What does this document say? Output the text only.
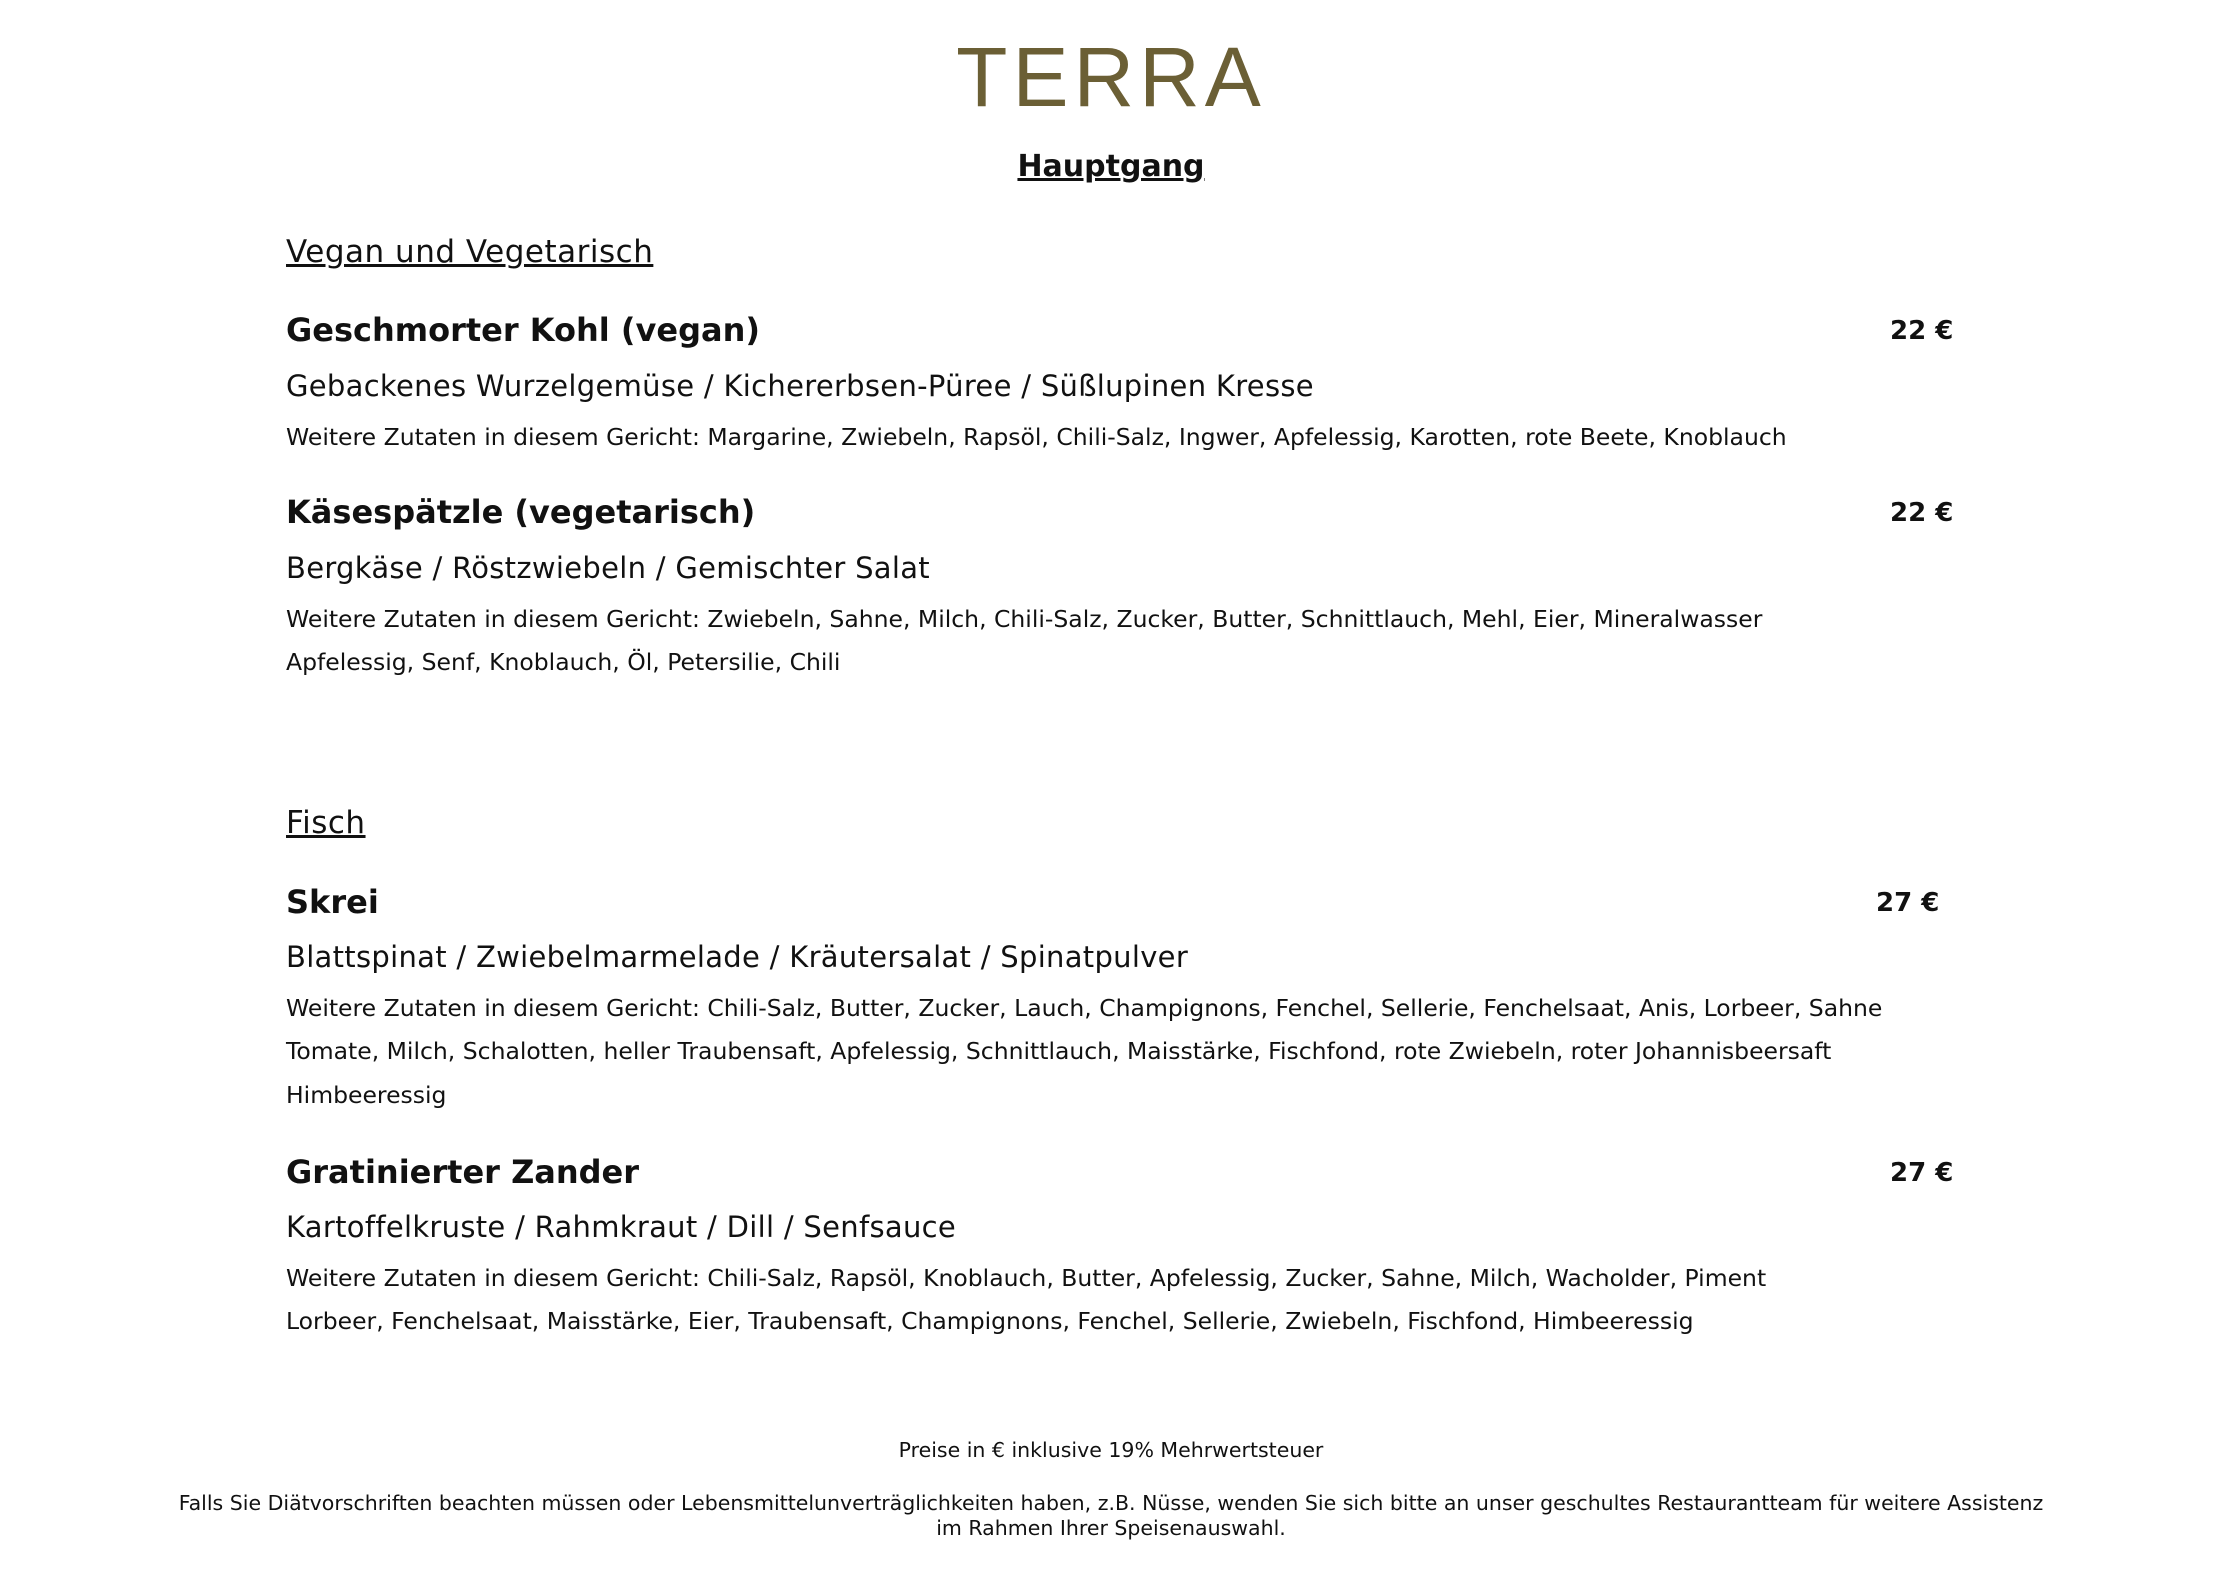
TERRA
Hauptgang
Vegan und Vegetarisch
Geschmorter Kohl (vegan)	22 €
Gebackenes Wurzelgemüse / Kichererbsen-Püree / Süßlupinen Kresse
Weitere Zutaten in diesem Gericht: Margarine, Zwiebeln, Rapsöl, Chili-Salz, Ingwer, Apfelessig, Karotten, rote Beete, Knoblauch
Käsespätzle (vegetarisch)	22 €
Bergkäse / Röstzwiebeln / Gemischter Salat
Weitere Zutaten in diesem Gericht: Zwiebeln, Sahne, Milch, Chili-Salz, Zucker, Butter, Schnittlauch, Mehl, Eier, Mineralwasser
Apfelessig, Senf, Knoblauch, Öl, Petersilie, Chili
Fisch
Skrei	27 €
Blattspinat / Zwiebelmarmelade / Kräutersalat / Spinatpulver
Weitere Zutaten in diesem Gericht: Chili-Salz, Butter, Zucker, Lauch, Champignons, Fenchel, Sellerie, Fenchelsaat, Anis, Lorbeer, Sahne
Tomate, Milch, Schalotten, heller Traubensaft, Apfelessig, Schnittlauch, Maisstärke, Fischfond, rote Zwiebeln, roter Johannisbeersaft
Himbeeressig
Gratinierter Zander	27 €
Kartoffelkruste / Rahmkraut / Dill / Senfsauce
Weitere Zutaten in diesem Gericht: Chili-Salz, Rapsöl, Knoblauch, Butter, Apfelessig, Zucker, Sahne, Milch, Wacholder, Piment
Lorbeer, Fenchelsaat, Maisstärke, Eier, Traubensaft, Champignons, Fenchel, Sellerie, Zwiebeln, Fischfond, Himbeeressig
Preise in € inklusive 19% Mehrwertsteuer
Falls Sie Diätvorschriften beachten müssen oder Lebensmittelunverträglichkeiten haben, z.B. Nüsse, wenden Sie sich bitte an unser geschultes Restaurantteam für weitere Assistenz
im Rahmen Ihrer Speisenauswahl.
